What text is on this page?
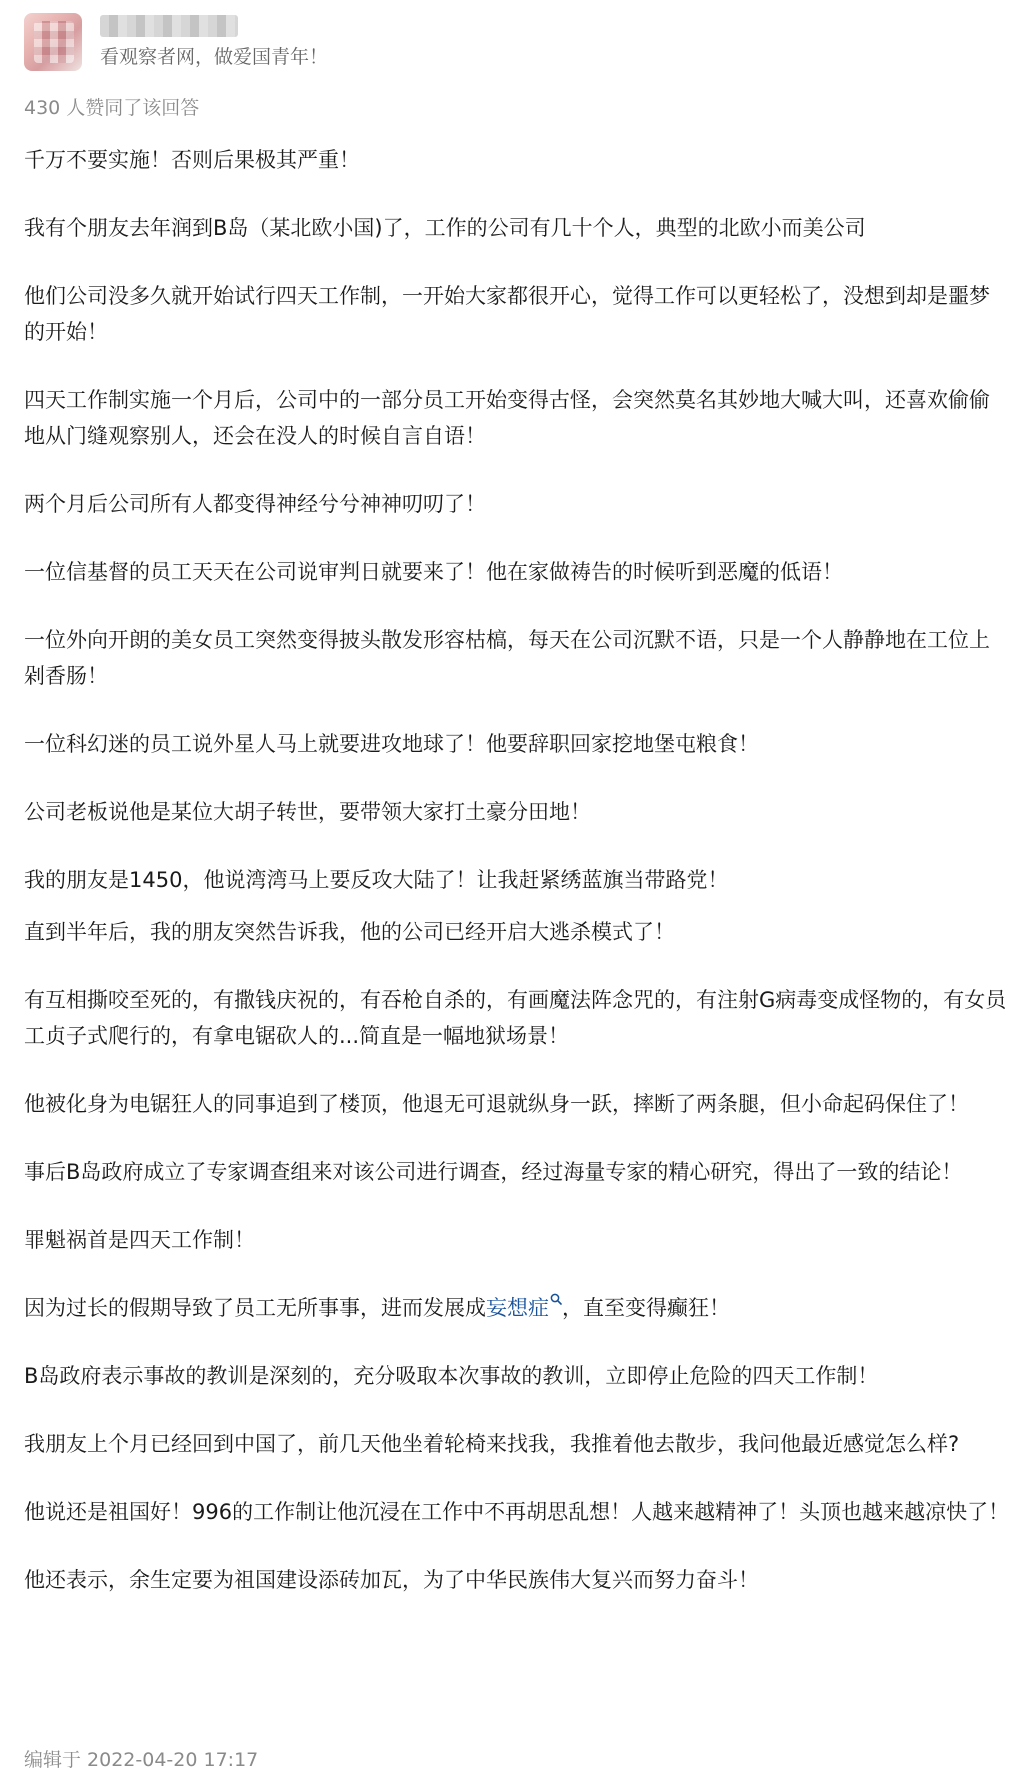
看观察者网，做爱国青年！
430 人赞同了该回答

千万不要实施！否则后果极其严重！

我有个朋友去年润到B岛（某北欧小国)了，工作的公司有几十个人，典型的北欧小而美公司

他们公司没多久就开始试行四天工作制，一开始大家都很开心，觉得工作可以更轻松了，没想到却是噩梦的开始！

四天工作制实施一个月后，公司中的一部分员工开始变得古怪，会突然莫名其妙地大喊大叫，还喜欢偷偷地从门缝观察别人，还会在没人的时候自言自语！

两个月后公司所有人都变得神经兮兮神神叨叨了！

一位信基督的员工天天在公司说审判日就要来了！他在家做祷告的时候听到恶魔的低语！

一位外向开朗的美女员工突然变得披头散发形容枯槁，每天在公司沉默不语，只是一个人静静地在工位上剁香肠！

一位科幻迷的员工说外星人马上就要进攻地球了！他要辞职回家挖地堡屯粮食！

公司老板说他是某位大胡子转世，要带领大家打土豪分田地！

我的朋友是1450，他说湾湾马上要反攻大陆了！让我赶紧绣蓝旗当带路党！

直到半年后，我的朋友突然告诉我，他的公司已经开启大逃杀模式了！

有互相撕咬至死的，有撒钱庆祝的，有吞枪自杀的，有画魔法阵念咒的，有注射G病毒变成怪物的，有女员工贞子式爬行的，有拿电锯砍人的...简直是一幅地狱场景！

他被化身为电锯狂人的同事追到了楼顶，他退无可退就纵身一跃，摔断了两条腿，但小命起码保住了！

事后B岛政府成立了专家调查组来对该公司进行调查，经过海量专家的精心研究，得出了一致的结论！

罪魁祸首是四天工作制！

因为过长的假期导致了员工无所事事，进而发展成妄想症 ，直至变得癫狂！

B岛政府表示事故的教训是深刻的，充分吸取本次事故的教训，立即停止危险的四天工作制！

我朋友上个月已经回到中国了，前几天他坐着轮椅来找我，我推着他去散步，我问他最近感觉怎么样?

他说还是祖国好！996的工作制让他沉浸在工作中不再胡思乱想！人越来越精神了！头顶也越来越凉快了！

他还表示，余生定要为祖国建设添砖加瓦，为了中华民族伟大复兴而努力奋斗！

编辑于 2022-04-20 17:17
